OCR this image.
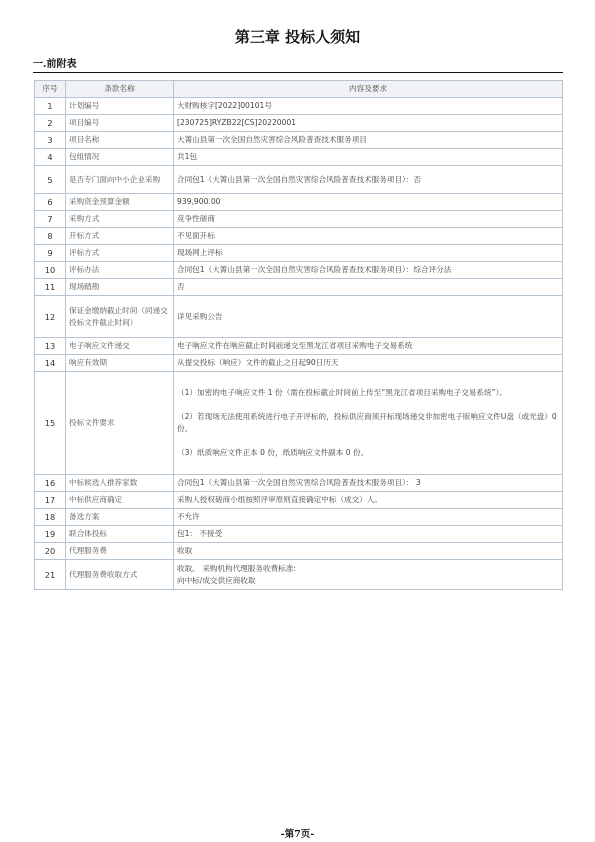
第三章 投标人须知
一.前附表
序号	条款名称	内容及要求
1	计划编号	大财购核字[2022]00101号

2	项目编号	[230725]RYZB22[CS]20220001

3	项目名称	大箐山县第一次全国自然灾害综合风险普查技术服务项目

4	包组情况	共1包

5	是否专门面向中小企业采购	合同包1（大箐山县第一次全国自然灾害综合风险普查技术服务项目）：否

6	采购资金预算金额	939,900.00

7	采购方式	竞争性磋商

8	开标方式	不见面开标

9	评标方式	现场网上评标

10	评标办法	合同包1（大箐山县第一次全国自然灾害综合风险普查技术服务项目）：综合评分法

11	现场踏勘	否

12	保证金缴纳截止时间（同递交投标文件截止时间）	详见采购公告

13	电子响应文件递交	电子响应文件在响应截止时间前递交至黑龙江省项目采购电子交易系统

14	响应有效期	从提交投标（响应）文件的截止之日起90日历天

15	投标文件要求	（1）加密的电子响应文件 1 份（需在投标截止时间前上传至“黑龙江省项目采购电子交易系统”）。
（2）若现场无法使用系统进行电子开评标的，投标供应商须开标现场递交非加密电子版响应文件U盘（或光盘）0份。
（3）纸质响应文件正本 0 份，纸质响应文件副本 0 份。

16	中标候选人推荐家数	合同包1（大箐山县第一次全国自然灾害综合风险普查技术服务项目）： 3

17	中标供应商确定	采购人授权磋商小组按照评审原则直接确定中标（成交）人。

18	备选方案	不允许

19	联合体投标	包1： 不接受

20	代理服务费	收取

21	代理服务费收取方式	收取。 采购机构代理服务收费标准:
向中标/成交供应商收取
-第7页-
